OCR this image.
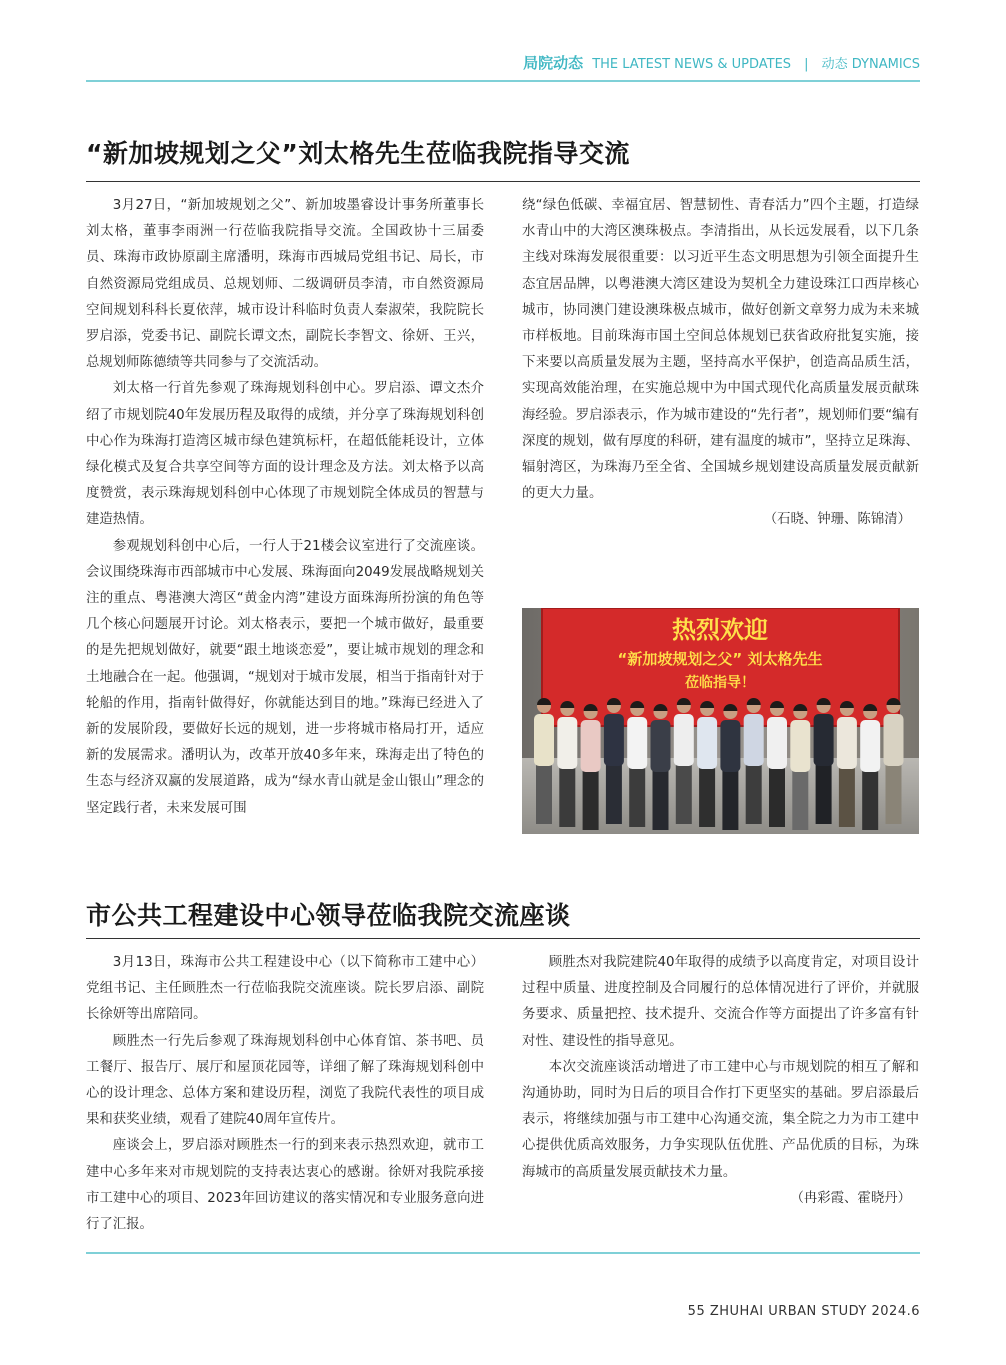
局院动态 THE LATEST NEWS & UPDATES | 动态 DYNAMICS
“新加坡规划之父”刘太格先生莅临我院指导交流

3月27日，“新加坡规划之父”、新加坡墨睿设计事务所董事长刘太格，董事李雨洲一行莅临我院指导交流。全国政协十三届委员、珠海市政协原副主席潘明，珠海市西城局党组书记、局长，市自然资源局党组成员、总规划师、二级调研员李清，市自然资源局空间规划科科长夏依萍，城市设计科临时负责人秦淑荣，我院院长罗启添，党委书记、副院长谭文杰，副院长李智文、徐妍、王兴，总规划师陈德绩等共同参与了交流活动。

刘太格一行首先参观了珠海规划科创中心。罗启添、谭文杰介绍了市规划院40年发展历程及取得的成绩，并分享了珠海规划科创中心作为珠海打造湾区城市绿色建筑标杆，在超低能耗设计，立体绿化模式及复合共享空间等方面的设计理念及方法。刘太格予以高度赞赏，表示珠海规划科创中心体现了市规划院全体成员的智慧与建造热情。

参观规划科创中心后，一行人于21楼会议室进行了交流座谈。会议围绕珠海市西部城市中心发展、珠海面向2049发展战略规划关注的重点、粤港澳大湾区“黄金内湾”建设方面珠海所扮演的角色等几个核心问题展开讨论。刘太格表示，要把一个城市做好，最重要的是先把规划做好，就要“跟土地谈恋爱”，要让城市规划的理念和土地融合在一起。他强调，“规划对于城市发展，相当于指南针对于轮船的作用，指南针做得好，你就能达到目的地。”珠海已经进入了新的发展阶段，要做好长远的规划，进一步将城市格局打开，适应新的发展需求。潘明认为，改革开放40多年来，珠海走出了特色的生态与经济双赢的发展道路，成为“绿水青山就是金山银山”理念的坚定践行者，未来发展可围

绕“绿色低碳、幸福宜居、智慧韧性、青春活力”四个主题，打造绿水青山中的大湾区澳珠极点。李清指出，从长远发展看，以下几条主线对珠海发展很重要：以习近平生态文明思想为引领全面提升生态宜居品牌，以粤港澳大湾区建设为契机全力建设珠江口西岸核心城市，协同澳门建设澳珠极点城市，做好创新文章努力成为未来城市样板地。目前珠海市国土空间总体规划已获省政府批复实施，接下来要以高质量发展为主题，坚持高水平保护，创造高品质生活，实现高效能治理，在实施总规中为中国式现代化高质量发展贡献珠海经验。罗启添表示，作为城市建设的“先行者”，规划师们要“编有深度的规划，做有厚度的科研，建有温度的城市”，坚持立足珠海、辐射湾区，为珠海乃至全省、全国城乡规划建设高质量发展贡献新的更大力量。

（石晓、钟珊、陈锦清）

热烈欢迎
“新加坡规划之父” 刘太格先生
莅临指导！
市公共工程建设中心领导莅临我院交流座谈

3月13日，珠海市公共工程建设中心（以下简称市工建中心）党组书记、主任顾胜杰一行莅临我院交流座谈。院长罗启添、副院长徐妍等出席陪同。

顾胜杰一行先后参观了珠海规划科创中心体育馆、茶书吧、员工餐厅、报告厅、展厅和屋顶花园等，详细了解了珠海规划科创中心的设计理念、总体方案和建设历程，浏览了我院代表性的项目成果和获奖业绩，观看了建院40周年宣传片。

座谈会上，罗启添对顾胜杰一行的到来表示热烈欢迎，就市工建中心多年来对市规划院的支持表达衷心的感谢。徐妍对我院承接市工建中心的项目、2023年回访建议的落实情况和专业服务意向进行了汇报。

顾胜杰对我院建院40年取得的成绩予以高度肯定，对项目设计过程中质量、进度控制及合同履行的总体情况进行了评价，并就服务要求、质量把控、技术提升、交流合作等方面提出了许多富有针对性、建设性的指导意见。

本次交流座谈活动增进了市工建中心与市规划院的相互了解和沟通协助，同时为日后的项目合作打下更坚实的基础。罗启添最后表示，将继续加强与市工建中心沟通交流，集全院之力为市工建中心提供优质高效服务，力争实现队伍优胜、产品优质的目标，为珠海城市的高质量发展贡献技术力量。

（冉彩霞、霍晓丹）

55 ZHUHAI URBAN STUDY 2024.6
